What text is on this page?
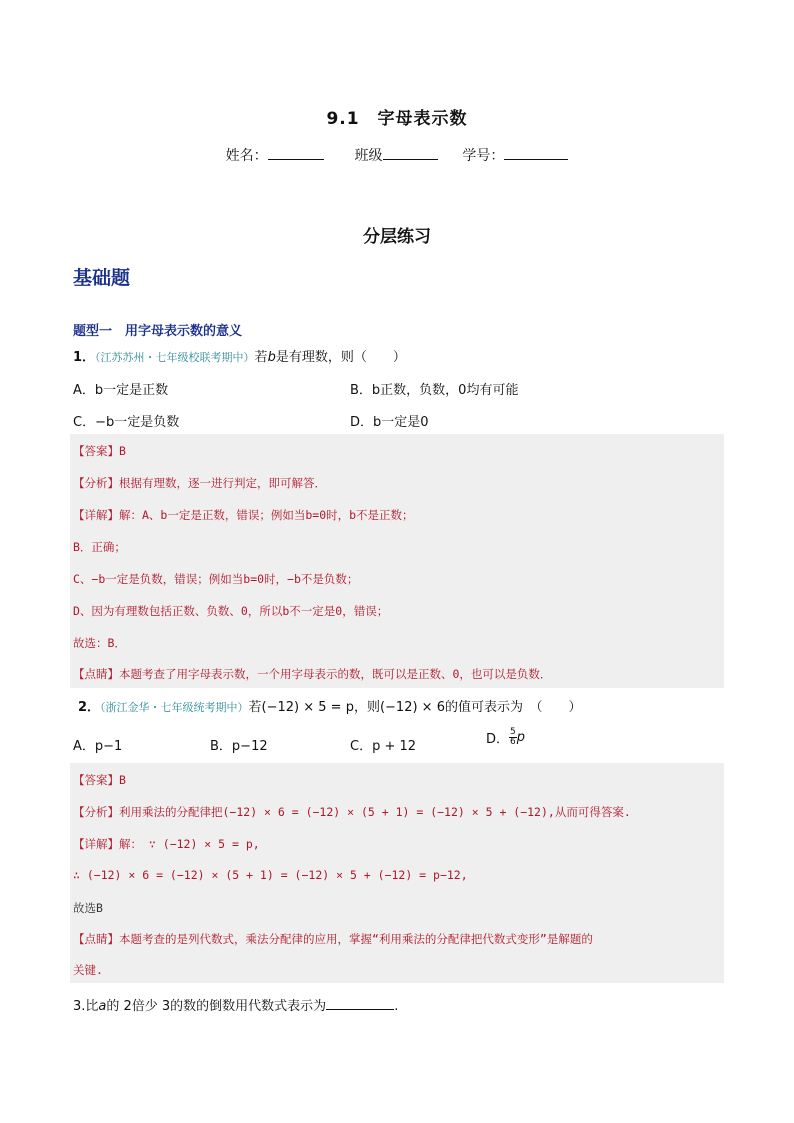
9.1　字母表示数
姓名：	班级	学号：
分层练习
基础题
题型一　用字母表示数的意义
1．（江苏苏州・七年级校联考期中）若b是有理数，则（　　）
A．b一定是正数	B．b正数，负数，0均有可能
C．−b一定是负数	D．b一定是0
【答案】B
【分析】根据有理数，逐一进行判定，即可解答．
【详解】解：A、b一定是正数，错误；例如当b=0时，b不是正数；
B．正确；
C、−b一定是负数，错误；例如当b=0时，−b不是负数；
D、因为有理数包括正数、负数、0，所以b不一定是0，错误；
故选：B．
【点睛】本题考查了用字母表示数，一个用字母表示的数，既可以是正数、0，也可以是负数．
2．（浙江金华・七年级统考期中）若(−12) × 5 = p，则(−12) × 6的值可表示为　（　　）
A．p−1	B．p−12	C．p + 12	D． $\frac{5}{6}$ p
【答案】B
【分析】利用乘法的分配律把(−12) × 6 = (−12) × (5 + 1) = (−12) × 5 + (−12),从而可得答案.
【详解】解： ∵ (−12) × 5 = p,
∴ (−12) × 6 = (−12) × (5 + 1) = (−12) × 5 + (−12) = p−12,
故选B
【点睛】本题考查的是列代数式，乘法分配律的应用，掌握“利用乘法的分配律把代数式变形”是解题的
关键.
3.比a的 2倍少 3的数的倒数用代数式表示为	.
